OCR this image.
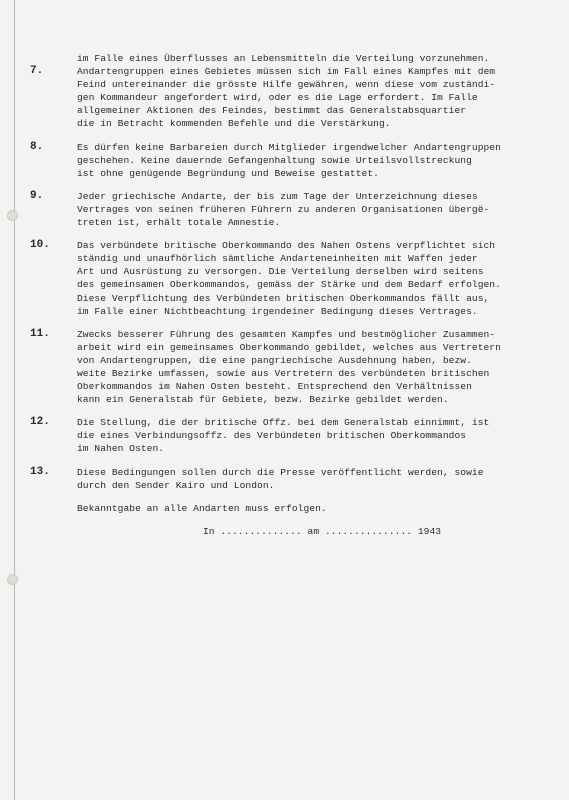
im Falle eines Überflusses an Lebensmitteln die Verteilung vorzunehmen.
7.	Andartengruppen eines Gebietes müssen sich im Fall eines Kampfes mit dem
Feind untereinander die grösste Hilfe gewähren, wenn diese vom zuständi-
gen Kommandeur angefordert wird, oder es die Lage erfordert. Im Falle
allgemeiner Aktionen des Feindes, bestimmt das Generalstabsquartier
die in Betracht kommenden Befehle und die Verstärkung.
8.	Es dürfen keine Barbareien durch Mitglieder irgendwelcher Andartengruppen
geschehen. Keine dauernde Gefangenhaltung sowie Urteilsvollstreckung
ist ohne genügende Begründung und Beweise gestattet.
9.	Jeder griechische Andarte, der bis zum Tage der Unterzeichnung dieses
Vertrages von seinen früheren Führern zu anderen Organisationen übergë-
treten ist, erhält totale Amnestie.
10.	Das verbündete britische Oberkommando des Nahen Ostens verpflichtet sich
ständig und unaufhörlich sämtliche Andarteneinheiten mit Waffen jeder
Art und Ausrüstung zu versorgen. Die Verteilung derselben wird seitens
des gemeinsamen Oberkommandos, gemäss der Stärke und dem Bedarf erfolgen.
Diese Verpflichtung des Verbündeten britischen Oberkommandos fällt aus,
im Falle einer Nichtbeachtung irgendeiner Bedingung dieses Vertrages.
11.	Zwecks besserer Führung des gesamten Kampfes und bestmöglicher Zusammen-
arbeit wird ein gemeinsames Oberkommando gebildet, welches aus Vertretern
von Andartengruppen, die eine pangriechische Ausdehnung haben, bezw.
weite Bezirke umfassen, sowie aus Vertretern des verbündeten britischen
Oberkommandos im Nahen Osten besteht. Entsprechend den Verhältnissen
kann ein Generalstab für Gebiete, bezw. Bezirke gebildet werden.
12.	Die Stellung, die der britische Offz. bei dem Generalstab einnimmt, ist
die eines Verbindungsoffz. des Verbündeten britischen Oberkommandos
im Nahen Osten.
13.	Diese Bedingungen sollen durch die Presse veröffentlicht werden, sowie
durch den Sender Kairo und London.
Bekanntgabe an alle Andarten muss erfolgen.
In .............. am ............... 1943
